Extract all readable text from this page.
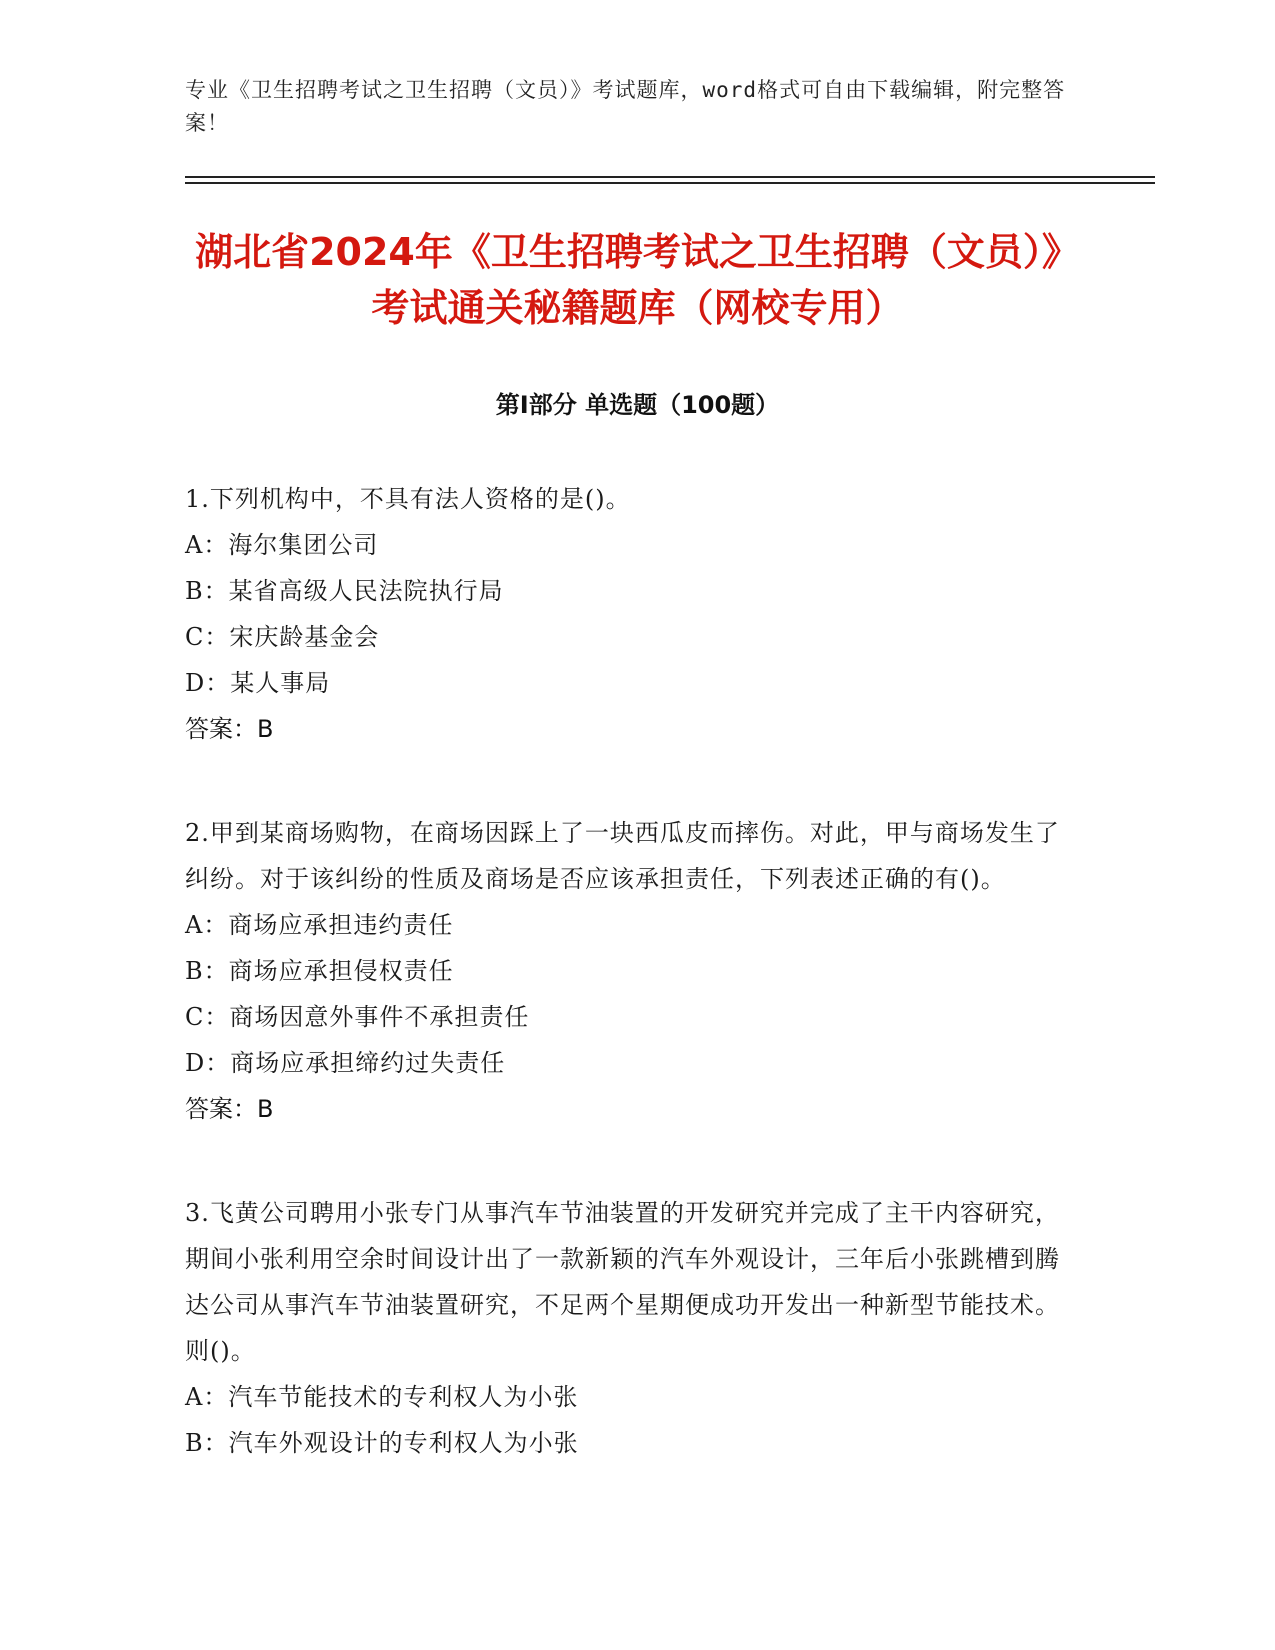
专业《卫生招聘考试之卫生招聘（文员）》考试题库，word格式可自由下载编辑，附完整答案！
湖北省2024年《卫生招聘考试之卫生招聘（文员）》考试通关秘籍题库（网校专用）
第I部分 单选题（100题）
1.下列机构中，不具有法人资格的是()。
A：海尔集团公司
B：某省高级人民法院执行局
C：宋庆龄基金会
D：某人事局
答案：B
2.甲到某商场购物，在商场因踩上了一块西瓜皮而摔伤。对此，甲与商场发生了纠纷。对于该纠纷的性质及商场是否应该承担责任，下列表述正确的有()。
A：商场应承担违约责任
B：商场应承担侵权责任
C：商场因意外事件不承担责任
D：商场应承担缔约过失责任
答案：B
3.飞黄公司聘用小张专门从事汽车节油装置的开发研究并完成了主干内容研究，期间小张利用空余时间设计出了一款新颖的汽车外观设计，三年后小张跳槽到腾达公司从事汽车节油装置研究，不足两个星期便成功开发出一种新型节能技术。则()。
A：汽车节能技术的专利权人为小张
B：汽车外观设计的专利权人为小张
